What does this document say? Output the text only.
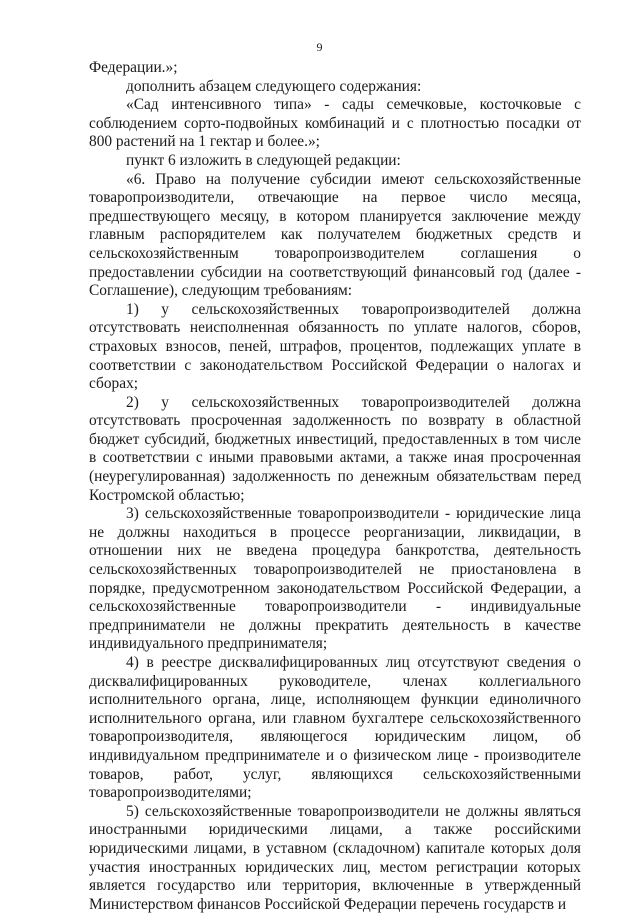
9

Федерации.»;

дополнить абзацем следующего содержания:

«Сад интенсивного типа» - сады семечковые, косточковые с соблюдением сорто-подвойных комбинаций и с плотностью посадки от 800 растений на 1 гектар и более.»;

пункт 6 изложить в следующей редакции:

«6. Право на получение субсидии имеют сельскохозяйственные товаропроизводители, отвечающие на первое число месяца, предшествующего месяцу, в котором планируется заключение между главным распорядителем как получателем бюджетных средств и сельскохозяйственным товаропроизводителем соглашения о предоставлении субсидии на соответствующий финансовый год (далее - Соглашение), следующим требованиям:

1) у сельскохозяйственных товаропроизводителей должна отсутствовать неисполненная обязанность по уплате налогов, сборов, страховых взносов, пеней, штрафов, процентов, подлежащих уплате в соответствии с законодательством Российской Федерации о налогах и сборах;

2) у сельскохозяйственных товаропроизводителей должна отсутствовать просроченная задолженность по возврату в областной бюджет субсидий, бюджетных инвестиций, предоставленных в том числе в соответствии с иными правовыми актами, а также иная просроченная (неурегулированная) задолженность по денежным обязательствам перед Костромской областью;

3) сельскохозяйственные товаропроизводители - юридические лица не должны находиться в процессе реорганизации, ликвидации, в отношении них не введена процедура банкротства, деятельность сельскохозяйственных товаропроизводителей не приостановлена в порядке, предусмотренном законодательством Российской Федерации, а сельскохозяйственные товаропроизводители - индивидуальные предприниматели не должны прекратить деятельность в качестве индивидуального предпринимателя;

4) в реестре дисквалифицированных лиц отсутствуют сведения о дисквалифицированных руководителе, членах коллегиального исполнительного органа, лице, исполняющем функции единоличного исполнительного органа, или главном бухгалтере сельскохозяйственного товаропроизводителя, являющегося юридическим лицом, об индивидуальном предпринимателе и о физическом лице - производителе товаров, работ, услуг, являющихся сельскохозяйственными товаропроизводителями;

5) сельскохозяйственные товаропроизводители не должны являться иностранными юридическими лицами, а также российскими юридическими лицами, в уставном (складочном) капитале которых доля участия иностранных юридических лиц, местом регистрации которых является государство или территория, включенные в утвержденный Министерством финансов Российской Федерации перечень государств и
